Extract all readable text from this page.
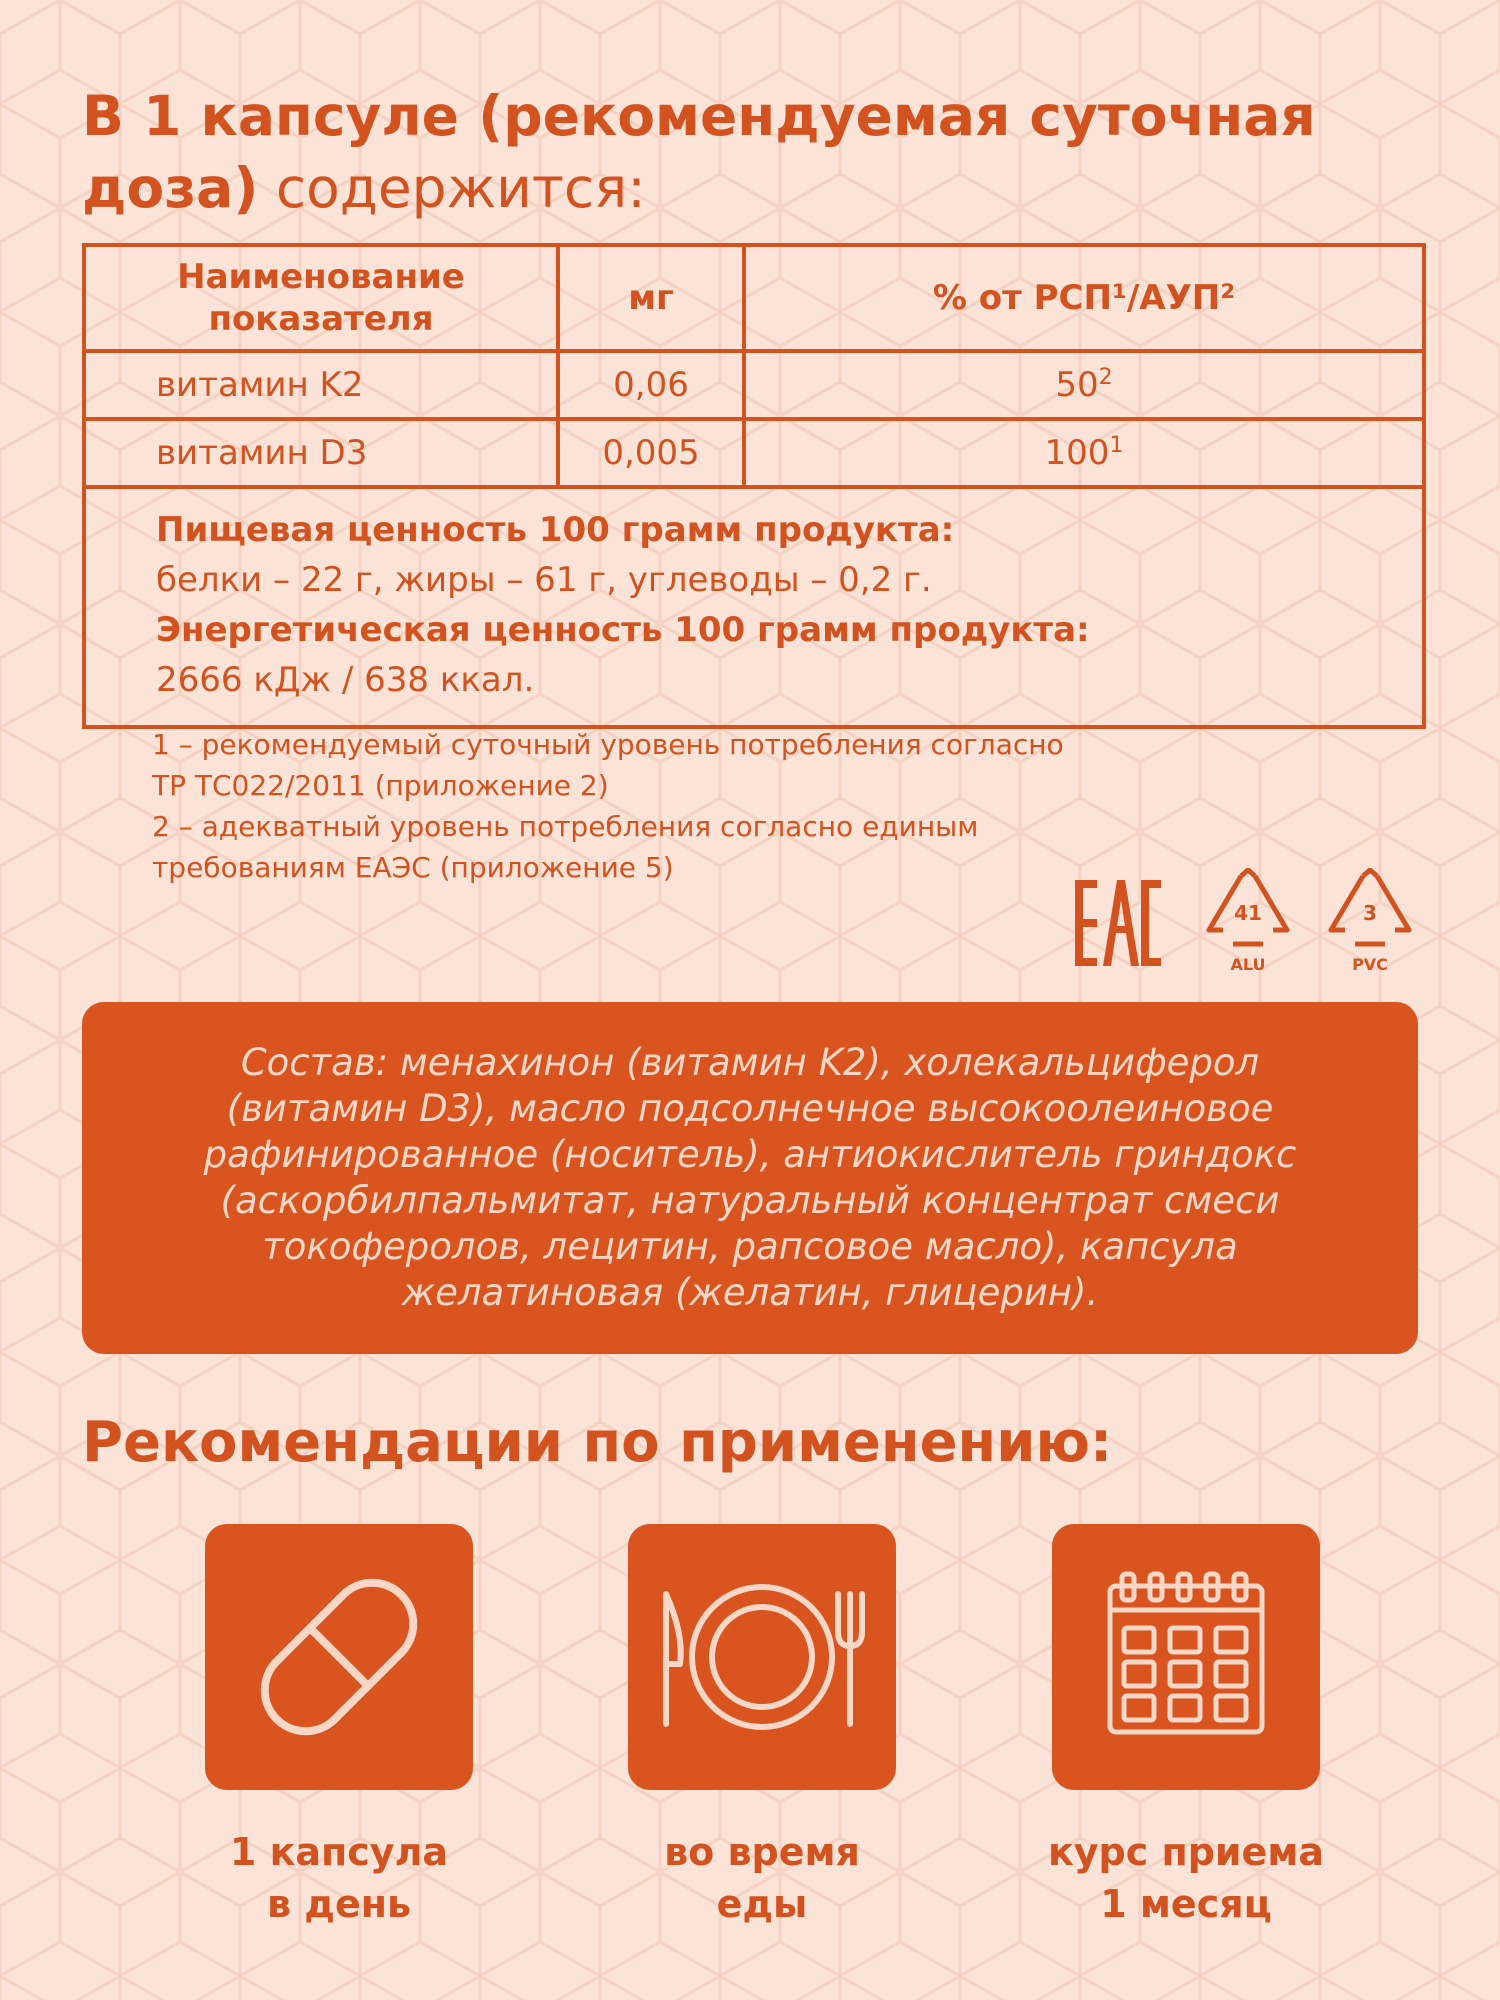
В 1 капсуле (рекомендуемая суточная доза) содержится:
Наименование показателя	мг	% от РСП¹/АУП²
витамин K2	0,06	$50^2$
витамин D3	0,005	$100^1$

Пищевая ценность 100 грамм продукта:
белки – 22 г, жиры – 61 г, углеводы – 0,2 г.
Энергетическая ценность 100 грамм продукта:
2666 кДж / 638 ккал.		
1 – рекомендуемый суточный уровень потребления согласно
ТР ТС022/2011 (приложение 2)
2 – адекватный уровень потребления согласно единым
требованиям ЕАЭС (приложение 5)
41
ALU
3
PVC

Состав: менахинон (витамин K2), холекальциферол (витамин D3), масло подсолнечное высокоолеиновое рафинированное (носитель), антиокислитель гриндокс (аскорбилпальмитат, натуральный концентрат смеси токоферолов, лецитин, рапсовое масло), капсула желатиновая (желатин, глицерин).

Рекомендации по применению:
1 капсула
в день
во время
еды
курс приема
1 месяц
